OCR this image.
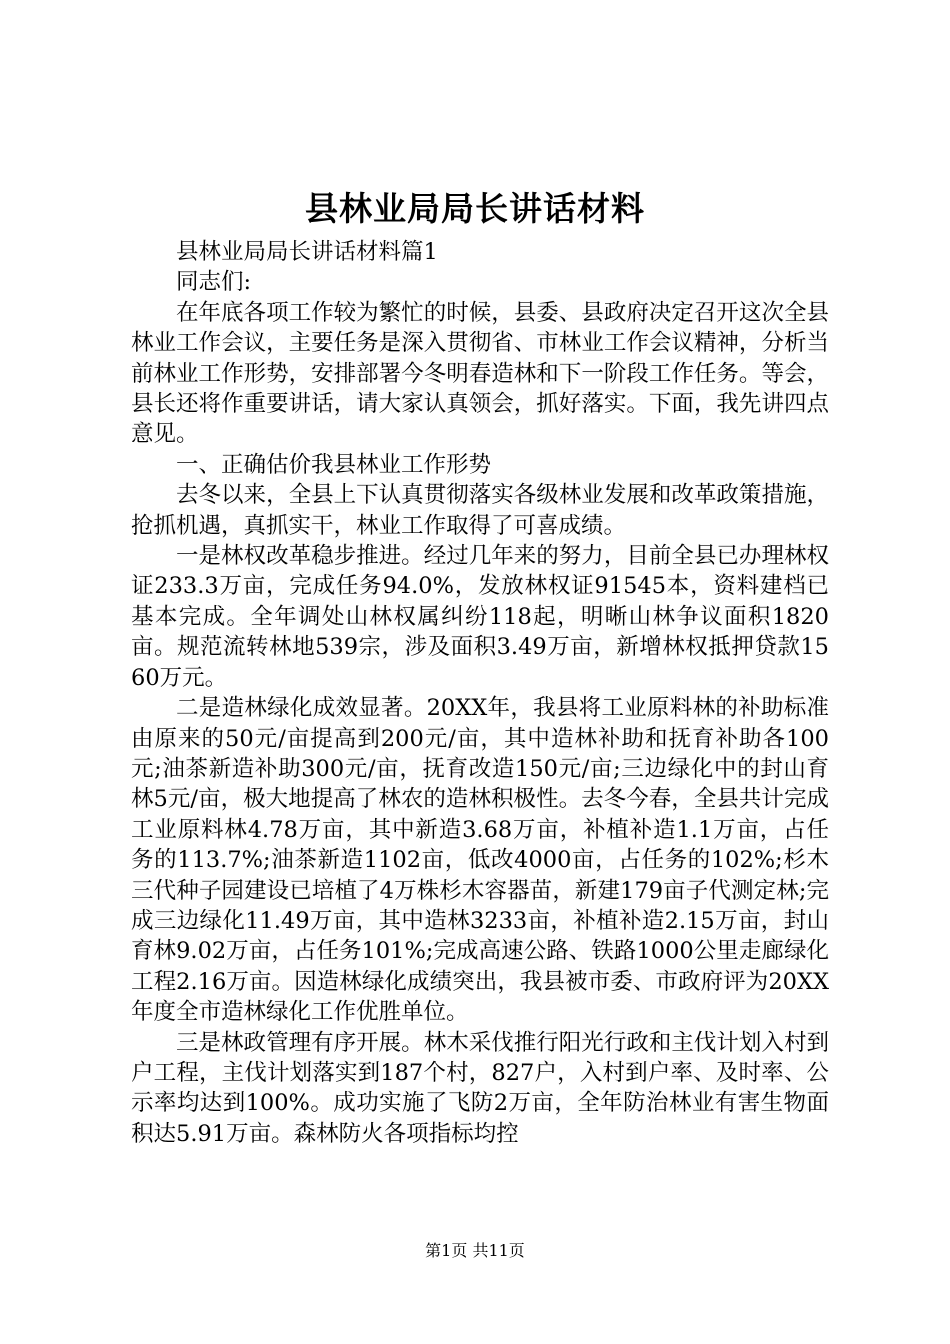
县林业局局长讲话材料

县林业局局长讲话材料篇1

同志们:

在年底各项工作较为繁忙的时候，县委、县政府决定召开这次全县林业工作会议，主要任务是深入贯彻省、市林业工作会议精神，分析当前林业工作形势，安排部署今冬明春造林和下一阶段工作任务。等会，县长还将作重要讲话，请大家认真领会，抓好落实。下面，我先讲四点意见。

一、正确估价我县林业工作形势

去冬以来，全县上下认真贯彻落实各级林业发展和改革政策措施，抢抓机遇，真抓实干，林业工作取得了可喜成绩。

一是林权改革稳步推进。经过几年来的努力，目前全县已办理林权证233.3万亩，完成任务94.0%，发放林权证91545本，资料建档已基本完成。全年调处山林权属纠纷118起，明晰山林争议面积1820亩。规范流转林地539宗，涉及面积3.49万亩，新增林权抵押贷款1560万元。

二是造林绿化成效显著。20XX年，我县将工业原料林的补助标准由原来的50元/亩提高到200元/亩，其中造林补助和抚育补助各100元;油茶新造补助300元/亩，抚育改造150元/亩;三边绿化中的封山育林5元/亩，极大地提高了林农的造林积极性。去冬今春，全县共计完成工业原料林4.78万亩，其中新造3.68万亩，补植补造1.1万亩，占任务的113.7%;油茶新造1102亩，低改4000亩，占任务的102%;杉木三代种子园建设已培植了4万株杉木容器苗，新建179亩子代测定林;完成三边绿化11.49万亩，其中造林3233亩，补植补造2.15万亩，封山育林9.02万亩，占任务101%;完成高速公路、铁路1000公里走廊绿化工程2.16万亩。因造林绿化成绩突出，我县被市委、市政府评为20XX年度全市造林绿化工作优胜单位。

三是林政管理有序开展。林木采伐推行阳光行政和主伐计划入村到户工程，主伐计划落实到187个村，827户，入村到户率、及时率、公示率均达到100%。成功实施了飞防2万亩，全年防治林业有害生物面积达5.91万亩。森林防火各项指标均控

第1页 共11页
